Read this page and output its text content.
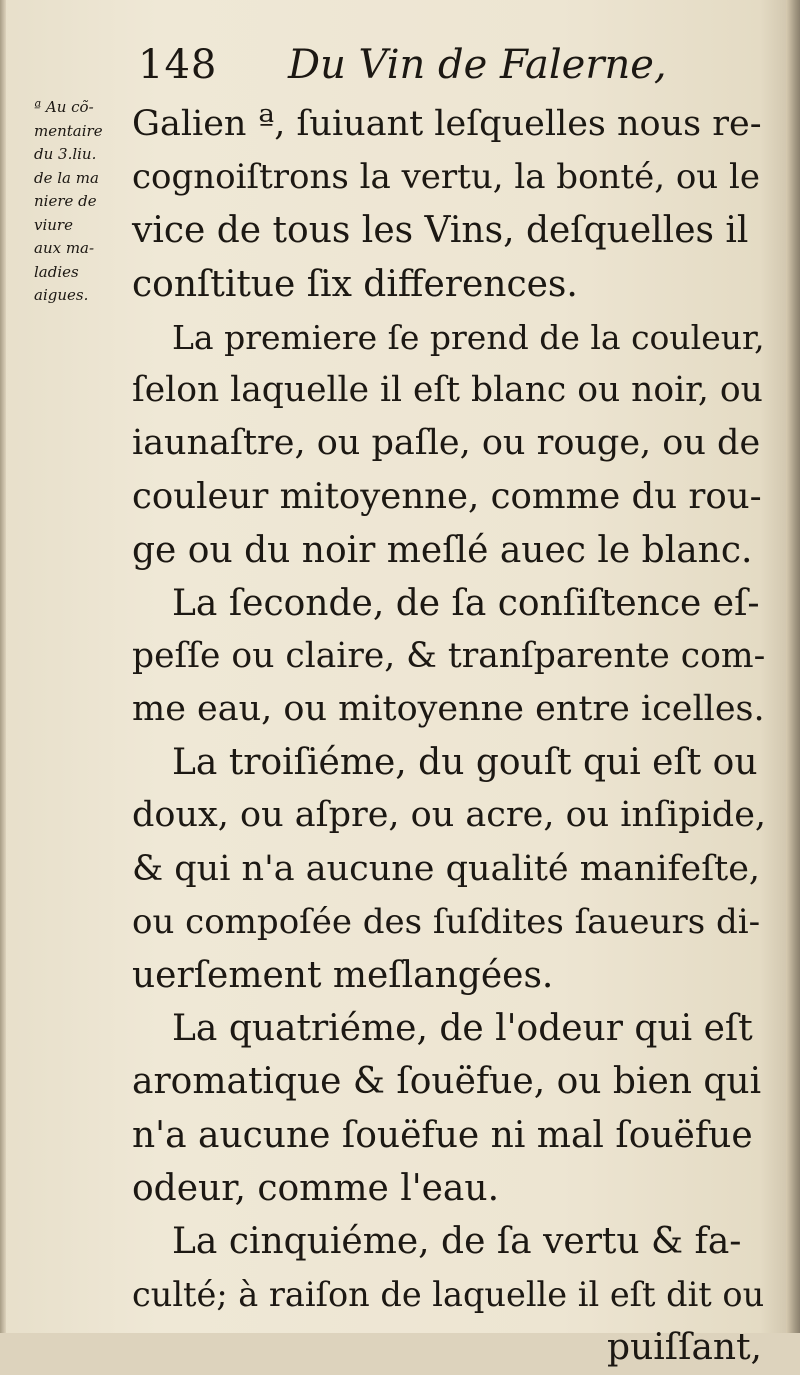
148 Du Vin de Falerne,
ª Au cõ-
mentaire
du 3.liu.
de la ma
niere de
viure
aux ma-
ladies
aigues.
Galien ª, ſuiuant leſquelles nous re-
cognoiſtrons la vertu, la bonté, ou le
vice de tous les Vins, deſquelles il
conſtitue ſix differences.
La premiere ſe prend de la couleur,
ſelon laquelle il eſt blanc ou noir, ou
iaunaſtre, ou paſle, ou rouge, ou de
couleur mitoyenne, comme du rou-
ge ou du noir meſlé auec le blanc.
La ſeconde, de ſa conſiſtence eſ-
peſſe ou claire, & tranſparente com-
me eau, ou mitoyenne entre icelles.
La troiſiéme, du gouſt qui eſt ou
doux, ou aſpre, ou acre, ou inſipide,
& qui n'a aucune qualité manifeſte,
ou compoſée des ſuſdites ſaueurs di-
uerſement meſlangées.
La quatriéme, de l'odeur qui eſt
aromatique & ſouëfue, ou bien qui
n'a aucune ſouëfue ni mal ſouëfue
odeur, comme l'eau.
La cinquiéme, de ſa vertu & fa-
culté; à raiſon de laquelle il eſt dit ou
puiſſant,
